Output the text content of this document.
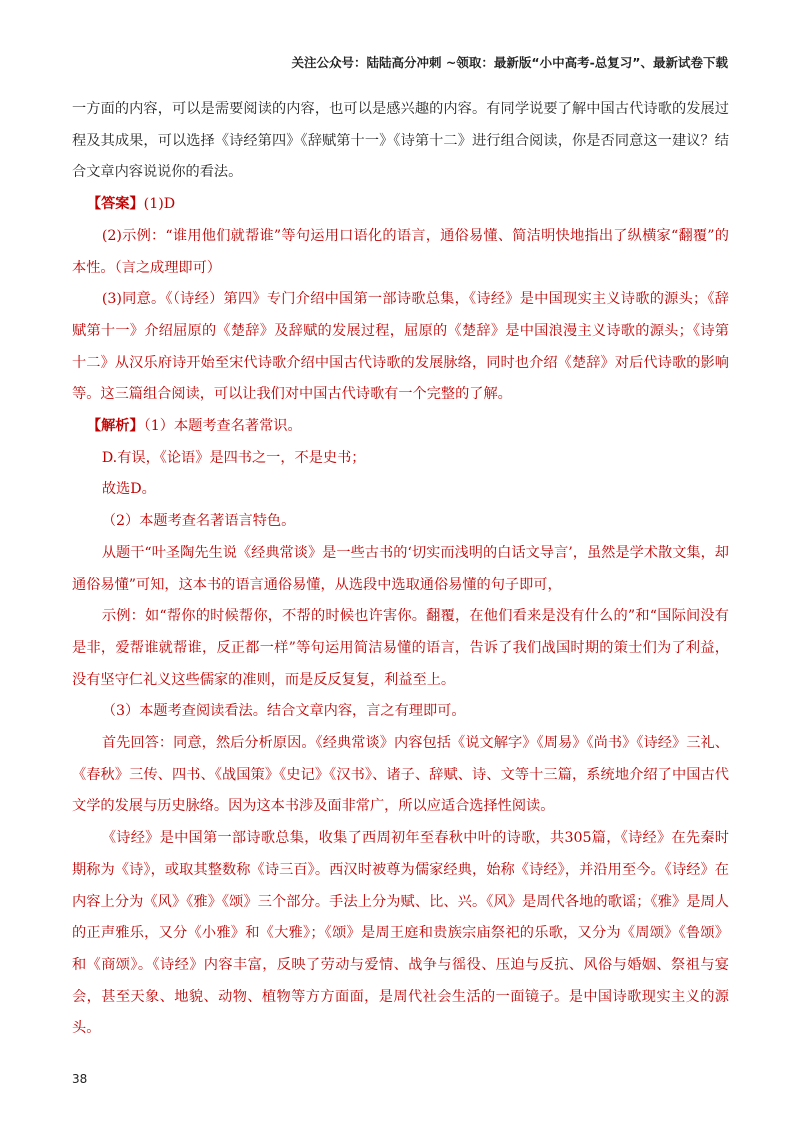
关注公众号：陆陆高分冲刺 ~领取：最新版“小中高考-总复习”、最新试卷下载

一方面的内容，可以是需要阅读的内容，也可以是感兴趣的内容。有同学说要了解中国古代诗歌的发展过程及其成果，可以选择《诗经第四》《辞赋第十一》《诗第十二》进行组合阅读，你是否同意这一建议？结合文章内容说说你的看法。

【答案】(1)D

(2)示例：“谁用他们就帮谁”等句运用口语化的语言，通俗易懂、简洁明快地指出了纵横家“翻覆”的本性。（言之成理即可）

(3)同意。《（诗经）第四》专门介绍中国第一部诗歌总集，《诗经》是中国现实主义诗歌的源头；《辞赋第十一》介绍屈原的《楚辞》及辞赋的发展过程，屈原的《楚辞》是中国浪漫主义诗歌的源头；《诗第十二》从汉乐府诗开始至宋代诗歌介绍中国古代诗歌的发展脉络，同时也介绍《楚辞》对后代诗歌的影响等。这三篇组合阅读，可以让我们对中国古代诗歌有一个完整的了解。

【解析】（1）本题考查名著常识。

D.有误，《论语》是四书之一，不是史书；

故选D。

（2）本题考查名著语言特色。

从题干“叶圣陶先生说《经典常谈》是一些古书的‘切实而浅明的白话文导言’，虽然是学术散文集，却通俗易懂”可知，这本书的语言通俗易懂，从选段中选取通俗易懂的句子即可，

示例：如“帮你的时候帮你，不帮的时候也许害你。翻覆，在他们看来是没有什么的”和“国际间没有是非，爱帮谁就帮谁，反正都一样”等句运用简洁易懂的语言，告诉了我们战国时期的策士们为了利益，没有坚守仁礼义这些儒家的准则，而是反反复复，利益至上。

（3）本题考查阅读看法。结合文章内容，言之有理即可。

首先回答：同意，然后分析原因。《经典常谈》内容包括《说文解字》《周易》《尚书》《诗经》三礼、《春秋》三传、四书、《战国策》《史记》《汉书》、诸子、辞赋、诗、文等十三篇，系统地介绍了中国古代文学的发展与历史脉络。因为这本书涉及面非常广，所以应适合选择性阅读。

《诗经》是中国第一部诗歌总集，收集了西周初年至春秋中叶的诗歌，共305篇，《诗经》在先秦时期称为《诗》，或取其整数称《诗三百》。西汉时被尊为儒家经典，始称《诗经》，并沿用至今。《诗经》在内容上分为《风》《雅》《颂》三个部分。手法上分为赋、比、兴。《风》是周代各地的歌谣；《雅》是周人的正声雅乐，又分《小雅》和《大雅》；《颂》是周王庭和贵族宗庙祭祀的乐歌，又分为《周颂》《鲁颂》和《商颂》。《诗经》内容丰富，反映了劳动与爱情、战争与徭役、压迫与反抗、风俗与婚姻、祭祖与宴会，甚至天象、地貌、动物、植物等方方面面，是周代社会生活的一面镜子。是中国诗歌现实主义的源头。

38
